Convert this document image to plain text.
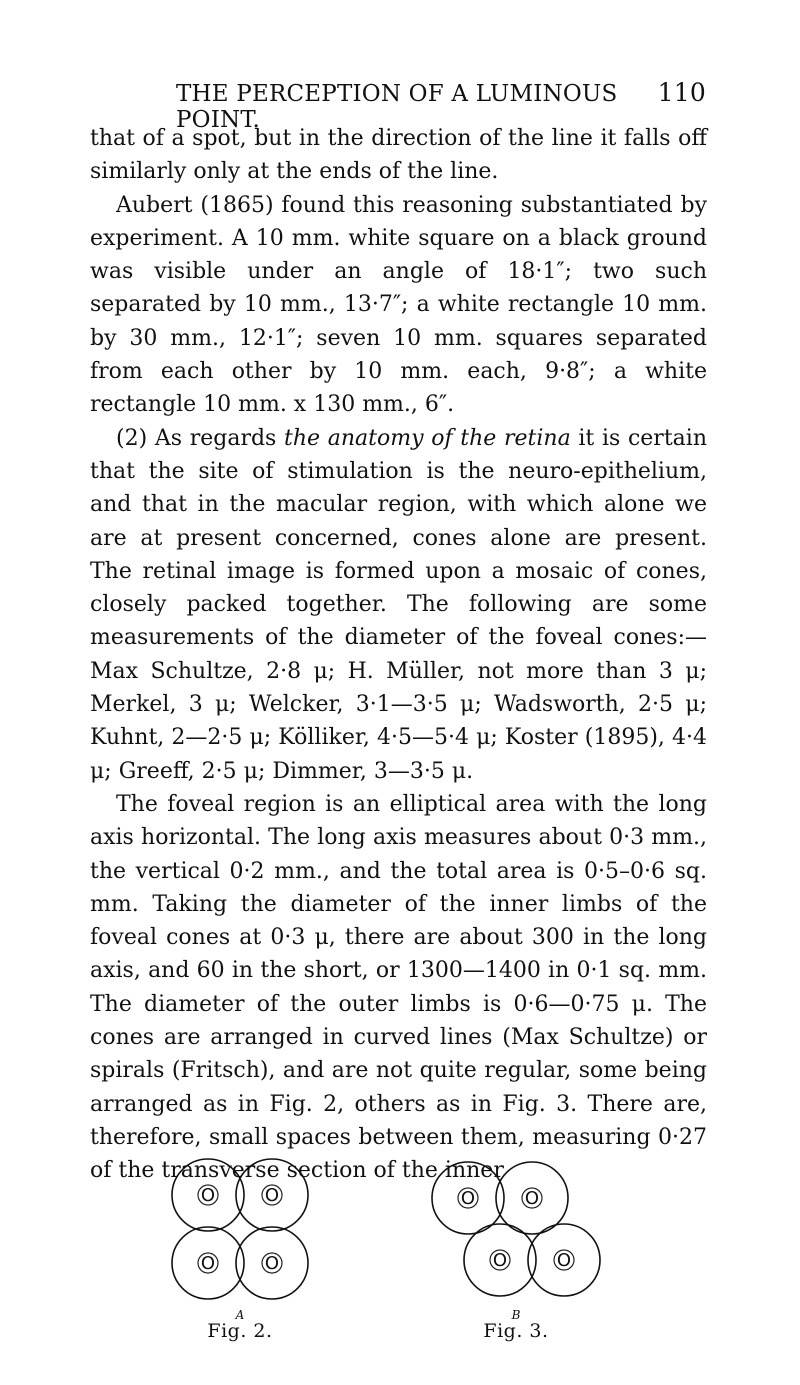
THE PERCEPTION OF A LUMINOUS POINT.
110

that of a spot, but in the direction of the line it falls off similarly only at the ends of the line.

Aubert (1865) found this reasoning substantiated by experiment. A 10 mm. white square on a black ground was visible under an angle of 18·1″; two such separated by 10 mm., 13·7″; a white rectangle 10 mm. by 30 mm., 12·1″; seven 10 mm. squares separated from each other by 10 mm. each, 9·8″; a white rectangle 10 mm. x 130 mm., 6″.

(2) As regards the anatomy of the retina it is certain that the site of stimulation is the neuro-epithelium, and that in the macular region, with which alone we are at present concerned, cones alone are present. The retinal image is formed upon a mosaic of cones, closely packed together. The following are some measurements of the diameter of the foveal cones:—Max Schultze, 2·8 μ; H. Müller, not more than 3 μ; Merkel, 3 μ; Welcker, 3·1—3·5 μ; Wadsworth, 2·5 μ; Kuhnt, 2—2·5 μ; Kölliker, 4·5—5·4 μ; Koster (1895), 4·4 μ; Greeff, 2·5 μ; Dimmer, 3—3·5 μ.

The foveal region is an elliptical area with the long axis horizontal. The long axis measures about 0·3 mm., the vertical 0·2 mm., and the total area is 0·5–0·6 sq. mm. Taking the diameter of the inner limbs of the foveal cones at 0·3 μ, there are about 300 in the long axis, and 60 in the short, or 1300—1400 in 0·1 sq. mm. The diameter of the outer limbs is 0·6—0·75 μ. The cones are arranged in curved lines (Max Schultze) or spirals (Fritsch), and are not quite regular, some being arranged as in Fig. 2, others as in Fig. 3. There are, therefore, small spaces between them, measuring 0·27 of the transverse section of the inner

O	O
O	O
A
Fig. 2.
O	O
O	O
B
Fig. 3.
